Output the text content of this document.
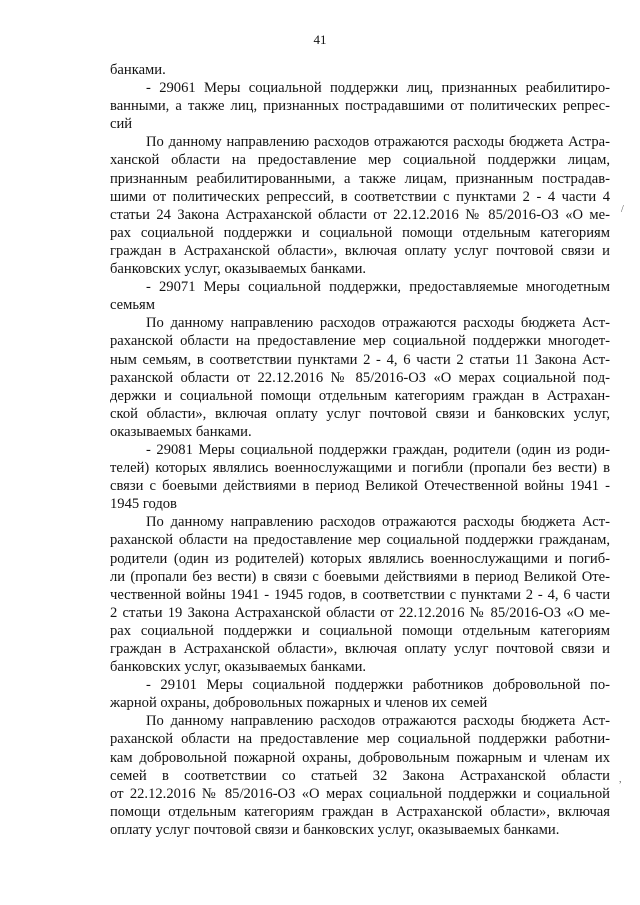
41
банками.
- 29061 Меры социальной поддержки лиц, признанных реабилитиро-
ванными, а также лиц, признанных пострадавшими от политических репрес-
сий
По данному направлению расходов отражаются расходы бюджета Астра-
ханской области на предоставление мер социальной поддержки лицам,
признанным реабилитированными, а также лицам, признанным пострадав-
шими от политических репрессий, в соответствии с пунктами 2 - 4 части 4
статьи 24 Закона Астраханской области от 22.12.2016 № 85/2016-ОЗ «О ме-
рах социальной поддержки и социальной помощи отдельным категориям
граждан в Астраханской области», включая оплату услуг почтовой связи и
банковских услуг, оказываемых банками.
- 29071 Меры социальной поддержки, предоставляемые многодетным
семьям
По данному направлению расходов отражаются расходы бюджета Аст-
раханской области на предоставление мер социальной поддержки многодет-
ным семьям, в соответствии пунктами 2 - 4, 6 части 2 статьи 11 Закона Аст-
раханской области от 22.12.2016 № 85/2016-ОЗ «О мерах социальной под-
держки и социальной помощи отдельным категориям граждан в Астрахан-
ской области», включая оплату услуг почтовой связи и банковских услуг,
оказываемых банками.
- 29081 Меры социальной поддержки граждан, родители (один из роди-
телей) которых являлись военнослужащими и погибли (пропали без вести) в
связи с боевыми действиями в период Великой Отечественной войны 1941 -
1945 годов
По данному направлению расходов отражаются расходы бюджета Аст-
раханской области на предоставление мер социальной поддержки гражданам,
родители (один из родителей) которых являлись военнослужащими и погиб-
ли (пропали без вести) в связи с боевыми действиями в период Великой Оте-
чественной войны 1941 - 1945 годов, в соответствии с пунктами 2 - 4, 6 части
2 статьи 19 Закона Астраханской области от 22.12.2016 № 85/2016-ОЗ «О ме-
рах социальной поддержки и социальной помощи отдельным категориям
граждан в Астраханской области», включая оплату услуг почтовой связи и
банковских услуг, оказываемых банками.
- 29101 Меры социальной поддержки работников добровольной по-
жарной охраны, добровольных пожарных и членов их семей
По данному направлению расходов отражаются расходы бюджета Аст-
раханской области на предоставление мер социальной поддержки работни-
кам добровольной пожарной охраны, добровольным пожарным и членам их
семей в соответствии со статьей 32 Закона Астраханской области
от 22.12.2016 № 85/2016-ОЗ «О мерах социальной поддержки и социальной
помощи отдельным категориям граждан в Астраханской области», включая
оплату услуг почтовой связи и банковских услуг, оказываемых банками.
/
,
